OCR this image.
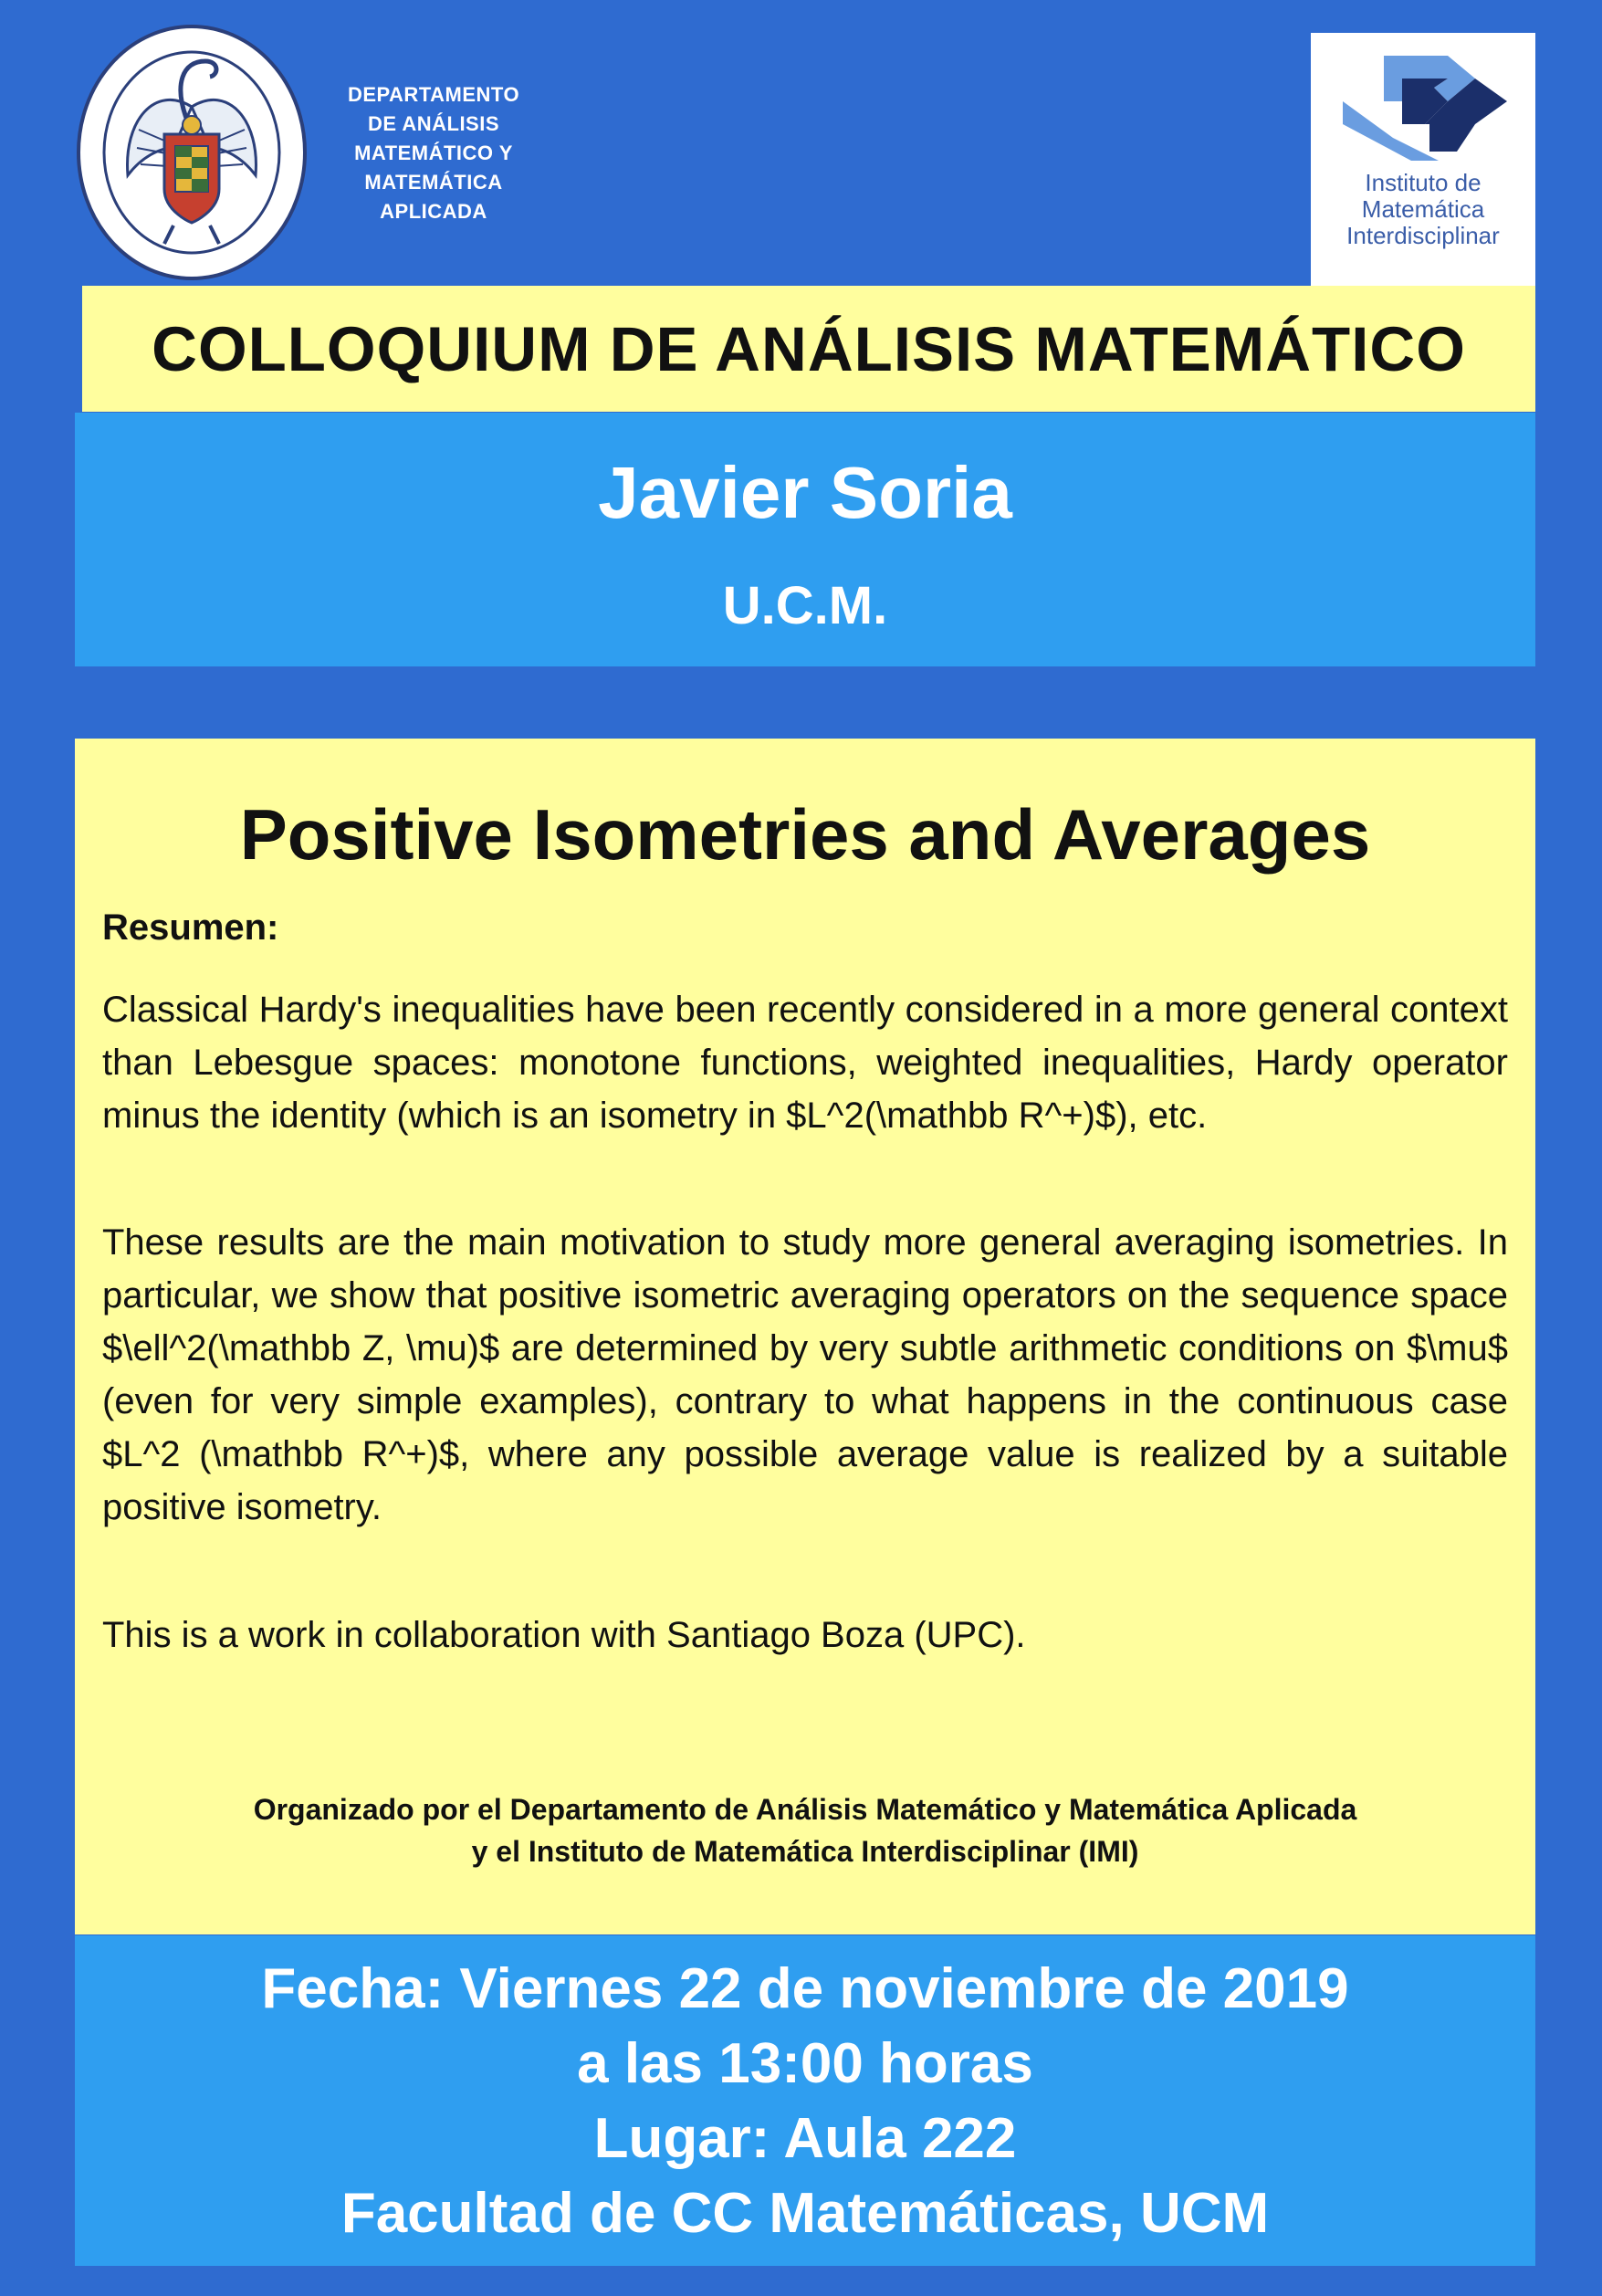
DEPARTAMENTO
DE ANÁLISIS
MATEMÁTICO Y
MATEMÁTICA
APLICADA
Instituto de
Matemática
Interdisciplinar
COLLOQUIUM DE ANÁLISIS MATEMÁTICO
Javier Soria
U.C.M.
Positive Isometries and Averages
Resumen:
Classical Hardy's inequalities have been recently considered in a more general context than Lebesgue spaces: monotone functions, weighted inequalities, Hardy operator minus the identity (which is an isometry in $L^2(\mathbb R^+)$), etc.
These results are the main motivation to study more general averaging isometries. In particular, we show that positive isometric averaging operators on the sequence space $\ell^2(\mathbb Z, \mu)$ are determined by very subtle arithmetic conditions on $\mu$ (even for very simple examples), contrary to what happens in the continuous case $L^2 (\mathbb R^+)$, where any possible average value is realized by a suitable positive isometry.
This is a work in collaboration with Santiago Boza (UPC).
Organizado por el Departamento de Análisis Matemático y Matemática Aplicada
y el Instituto de Matemática Interdisciplinar (IMI)
Fecha: Viernes 22 de noviembre de 2019
a las 13:00 horas
Lugar: Aula 222
Facultad de CC Matemáticas, UCM
